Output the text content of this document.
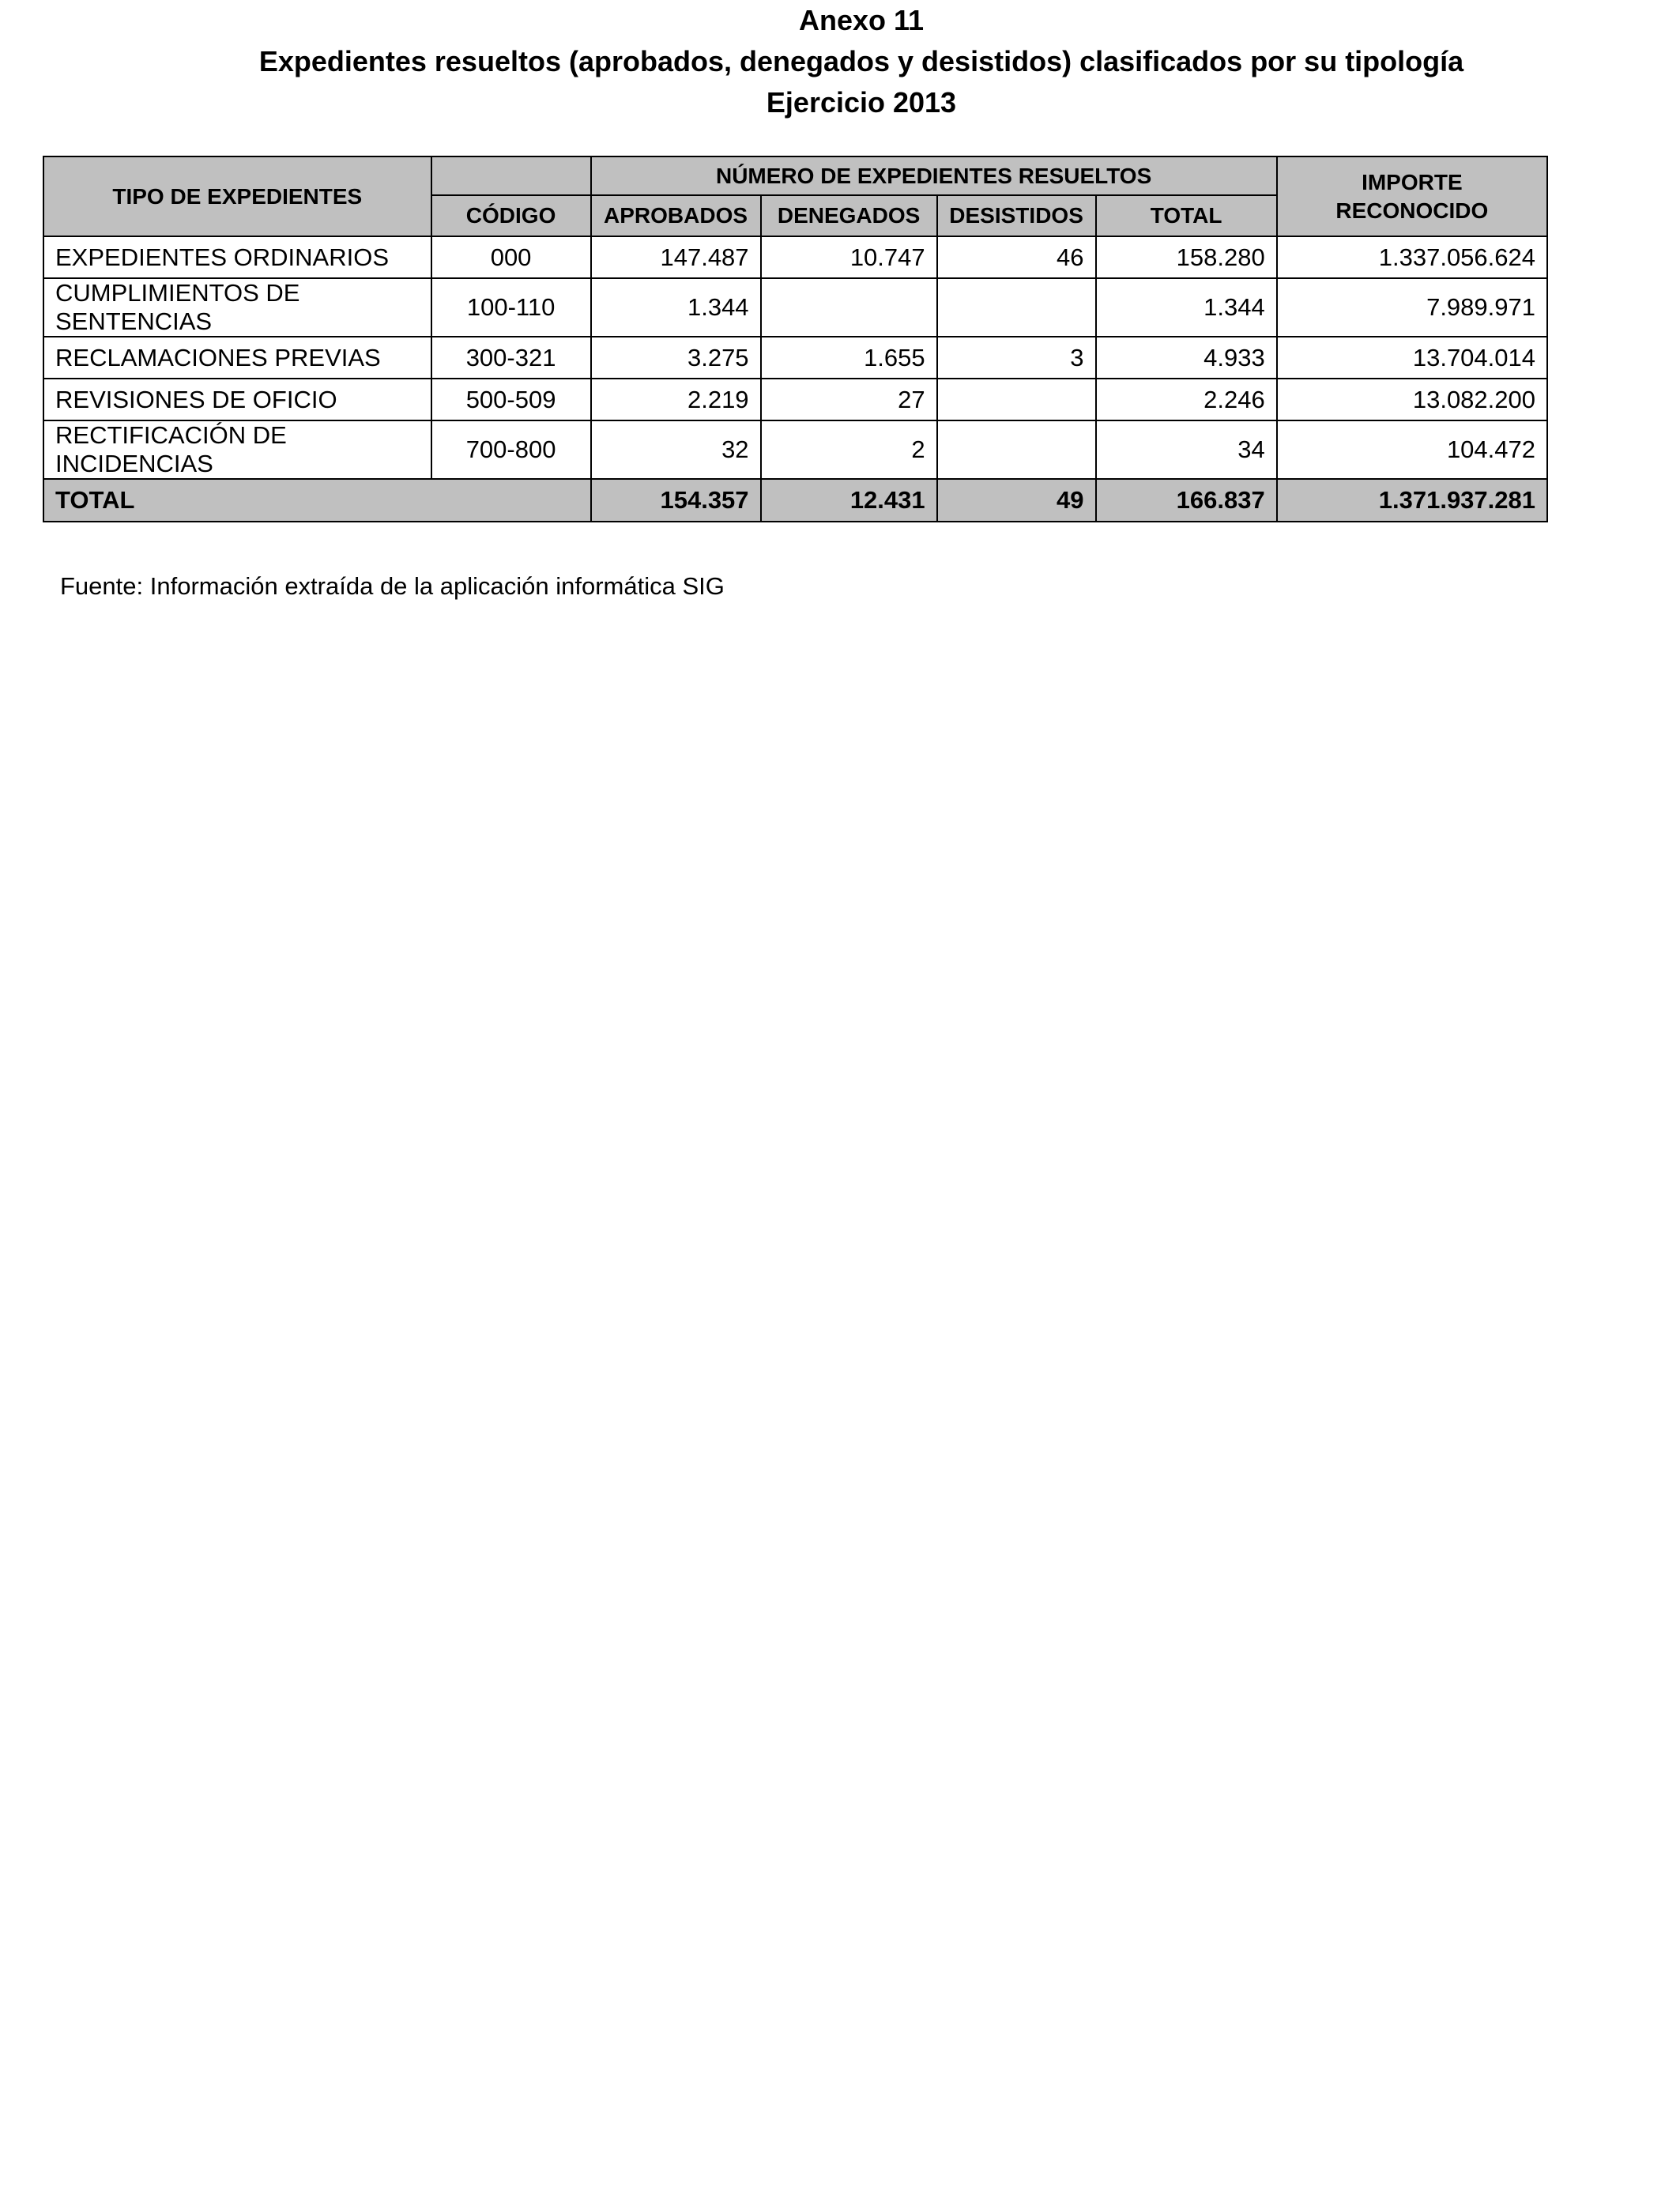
Anexo 11
Expedientes resueltos (aprobados, denegados y desistidos) clasificados por su tipología
Ejercicio 2013
TIPO DE EXPEDIENTES		NÚMERO DE EXPEDIENTES RESUELTOS				IMPORTE RECONOCIDO
	CÓDIGO	APROBADOS	DENEGADOS	DESISTIDOS	TOTAL	
EXPEDIENTES ORDINARIOS	000	147.487	10.747	46	158.280	1.337.056.624
CUMPLIMIENTOS DE SENTENCIAS	100-110	1.344			1.344	7.989.971
RECLAMACIONES PREVIAS	300-321	3.275	1.655	3	4.933	13.704.014
REVISIONES DE OFICIO	500-509	2.219	27		2.246	13.082.200
RECTIFICACIÓN DE INCIDENCIAS	700-800	32	2		34	104.472
TOTAL		154.357	12.431	49	166.837	1.371.937.281
Fuente: Información extraída de la aplicación informática SIG
